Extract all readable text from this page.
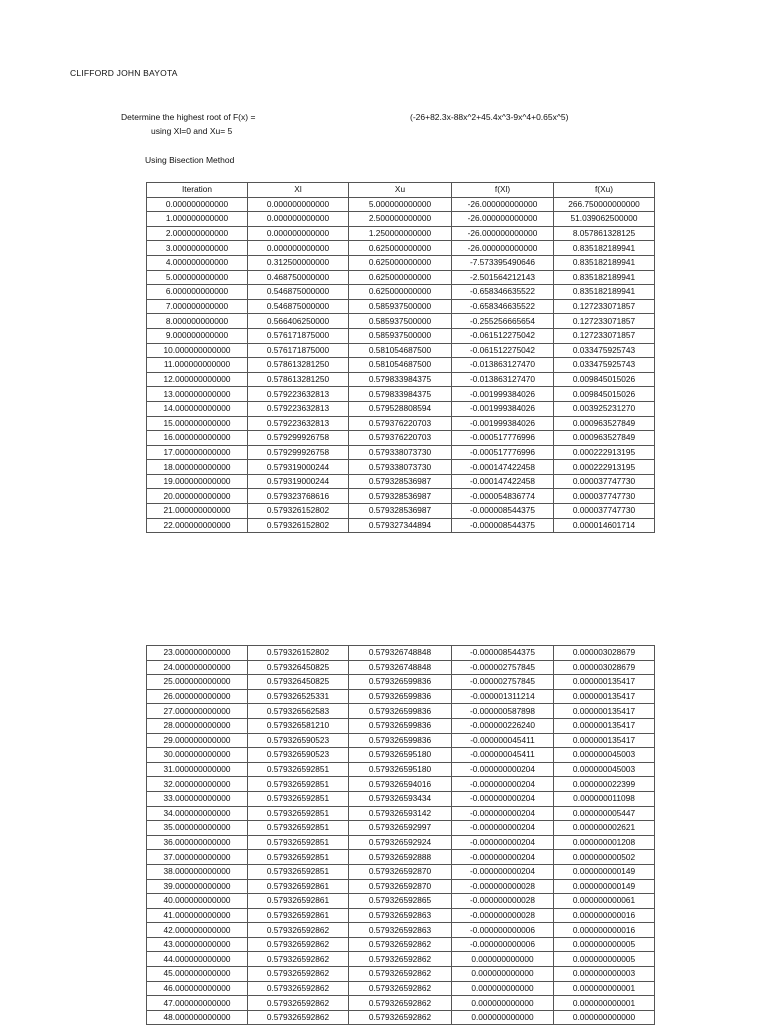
CLIFFORD JOHN BAYOTA
Determine the highest root of F(x) =
using Xl=0 and Xu= 5
(-26+82.3x-88x^2+45.4x^3-9x^4+0.65x^5)
Using Bisection Method
Iteration	Xl	Xu	f(Xl)	f(Xu)
0.000000000000	0.000000000000	5.000000000000	-26.000000000000	266.750000000000
1.000000000000	0.000000000000	2.500000000000	-26.000000000000	51.039062500000
2.000000000000	0.000000000000	1.250000000000	-26.000000000000	8.057861328125
3.000000000000	0.000000000000	0.625000000000	-26.000000000000	0.835182189941
4.000000000000	0.312500000000	0.625000000000	-7.573395490646	0.835182189941
5.000000000000	0.468750000000	0.625000000000	-2.501564212143	0.835182189941
6.000000000000	0.546875000000	0.625000000000	-0.658346635522	0.835182189941
7.000000000000	0.546875000000	0.585937500000	-0.658346635522	0.127233071857
8.000000000000	0.566406250000	0.585937500000	-0.255256665654	0.127233071857
9.000000000000	0.576171875000	0.585937500000	-0.061512275042	0.127233071857
10.000000000000	0.576171875000	0.581054687500	-0.061512275042	0.033475925743
11.000000000000	0.578613281250	0.581054687500	-0.013863127470	0.033475925743
12.000000000000	0.578613281250	0.579833984375	-0.013863127470	0.009845015026
13.000000000000	0.579223632813	0.579833984375	-0.001999384026	0.009845015026
14.000000000000	0.579223632813	0.579528808594	-0.001999384026	0.003925231270
15.000000000000	0.579223632813	0.579376220703	-0.001999384026	0.000963527849
16.000000000000	0.579299926758	0.579376220703	-0.000517776996	0.000963527849
17.000000000000	0.579299926758	0.579338073730	-0.000517776996	0.000222913195
18.000000000000	0.579319000244	0.579338073730	-0.000147422458	0.000222913195
19.000000000000	0.579319000244	0.579328536987	-0.000147422458	0.000037747730
20.000000000000	0.579323768616	0.579328536987	-0.000054836774	0.000037747730
21.000000000000	0.579326152802	0.579328536987	-0.000008544375	0.000037747730
22.000000000000	0.579326152802	0.579327344894	-0.000008544375	0.000014601714
23.000000000000	0.579326152802	0.579326748848	-0.000008544375	0.000003028679
24.000000000000	0.579326450825	0.579326748848	-0.000002757845	0.000003028679
25.000000000000	0.579326450825	0.579326599836	-0.000002757845	0.000000135417
26.000000000000	0.579326525331	0.579326599836	-0.000001311214	0.000000135417
27.000000000000	0.579326562583	0.579326599836	-0.000000587898	0.000000135417
28.000000000000	0.579326581210	0.579326599836	-0.000000226240	0.000000135417
29.000000000000	0.579326590523	0.579326599836	-0.000000045411	0.000000135417
30.000000000000	0.579326590523	0.579326595180	-0.000000045411	0.000000045003
31.000000000000	0.579326592851	0.579326595180	-0.000000000204	0.000000045003
32.000000000000	0.579326592851	0.579326594016	-0.000000000204	0.000000022399
33.000000000000	0.579326592851	0.579326593434	-0.000000000204	0.000000011098
34.000000000000	0.579326592851	0.579326593142	-0.000000000204	0.000000005447
35.000000000000	0.579326592851	0.579326592997	-0.000000000204	0.000000002621
36.000000000000	0.579326592851	0.579326592924	-0.000000000204	0.000000001208
37.000000000000	0.579326592851	0.579326592888	-0.000000000204	0.000000000502
38.000000000000	0.579326592851	0.579326592870	-0.000000000204	0.000000000149
39.000000000000	0.579326592861	0.579326592870	-0.000000000028	0.000000000149
40.000000000000	0.579326592861	0.579326592865	-0.000000000028	0.000000000061
41.000000000000	0.579326592861	0.579326592863	-0.000000000028	0.000000000016
42.000000000000	0.579326592862	0.579326592863	-0.000000000006	0.000000000016
43.000000000000	0.579326592862	0.579326592862	-0.000000000006	0.000000000005
44.000000000000	0.579326592862	0.579326592862	0.000000000000	0.000000000005
45.000000000000	0.579326592862	0.579326592862	0.000000000000	0.000000000003
46.000000000000	0.579326592862	0.579326592862	0.000000000000	0.000000000001
47.000000000000	0.579326592862	0.579326592862	0.000000000000	0.000000000001
48.000000000000	0.579326592862	0.579326592862	0.000000000000	0.000000000000
